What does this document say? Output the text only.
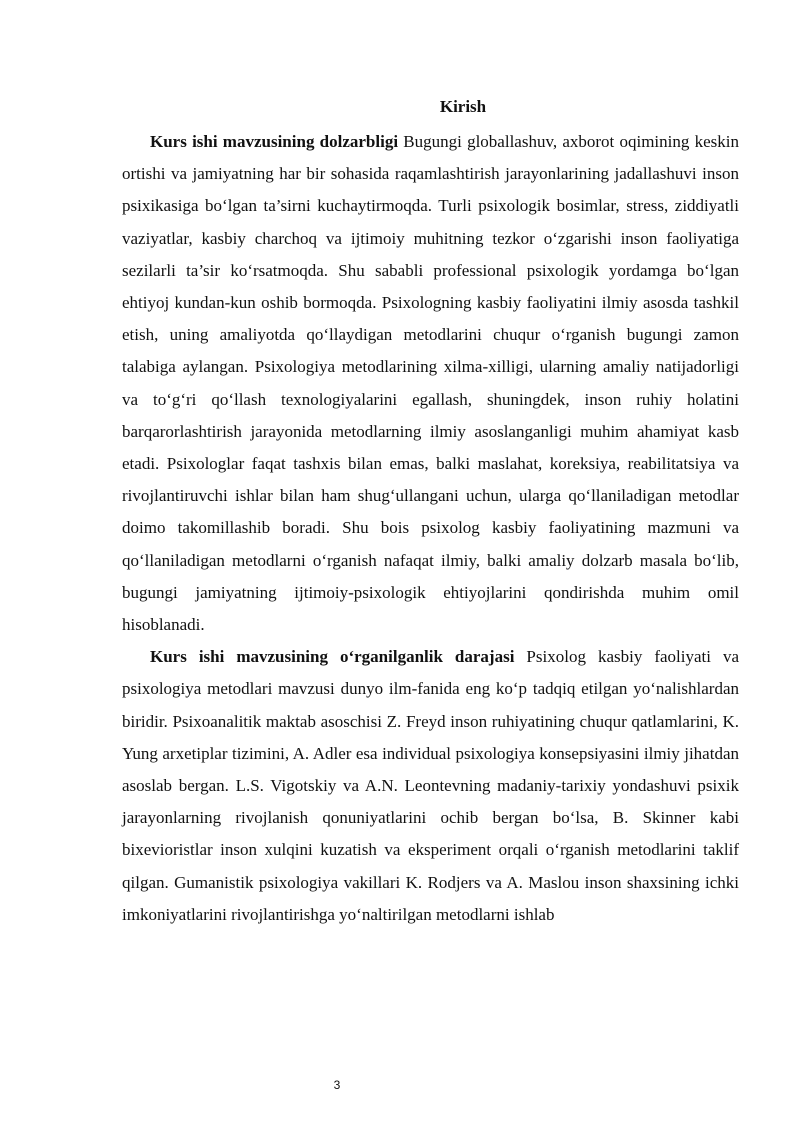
Kirish

Kurs ishi mavzusining dolzarbligi Bugungi globallashuv, axborot oqimining keskin ortishi va jamiyatning har bir sohasida raqamlashtirish jarayonlarining jadallashuvi inson psixikasiga bo‘lgan ta’sirni kuchaytirmoqda. Turli psixologik bosimlar, stress, ziddiyatli vaziyatlar, kasbiy charchoq va ijtimoiy muhitning tezkor o‘zgarishi inson faoliyatiga sezilarli ta’sir ko‘rsatmoqda. Shu sababli professional psixologik yordamga bo‘lgan ehtiyoj kundan-kun oshib bormoqda. Psixologning kasbiy faoliyatini ilmiy asosda tashkil etish, uning amaliyotda qo‘llaydigan metodlarini chuqur o‘rganish bugungi zamon talabiga aylangan. Psixologiya metodlarining xilma-xilligi, ularning amaliy natijadorligi va to‘g‘ri qo‘llash texnologiyalarini egallash, shuningdek, inson ruhiy holatini barqarorlashtirish jarayonida metodlarning ilmiy asoslanganligi muhim ahamiyat kasb etadi. Psixologlar faqat tashxis bilan emas, balki maslahat, koreksiya, reabilitatsiya va rivojlantiruvchi ishlar bilan ham shug‘ullangani uchun, ularga qo‘llaniladigan metodlar doimo takomillashib boradi. Shu bois psixolog kasbiy faoliyatining mazmuni va qo‘llaniladigan metodlarni o‘rganish nafaqat ilmiy, balki amaliy dolzarb masala bo‘lib, bugungi jamiyatning ijtimoiy-psixologik ehtiyojlarini qondirishda muhim omil hisoblanadi.

Kurs ishi mavzusining o‘rganilganlik darajasi Psixolog kasbiy faoliyati va psixologiya metodlari mavzusi dunyo ilm-fanida eng ko‘p tadqiq etilgan yo‘nalishlardan biridir. Psixoanalitik maktab asoschisi Z. Freyd inson ruhiyatining chuqur qatlamlarini, K. Yung arxetiplar tizimini, A. Adler esa individual psixologiya konsepsiyasini ilmiy jihatdan asoslab bergan. L.S. Vigotskiy va A.N. Leontevning madaniy-tarixiy yondashuvi psixik jarayonlarning rivojlanish qonuniyatlarini ochib bergan bo‘lsa, B. Skinner kabi bixevioristlar inson xulqini kuzatish va eksperiment orqali o‘rganish metodlarini taklif qilgan. Gumanistik psixologiya vakillari K. Rodjers va A. Maslou inson shaxsining ichki imkoniyatlarini rivojlantirishga yo‘naltirilgan metodlarni ishlab

3
